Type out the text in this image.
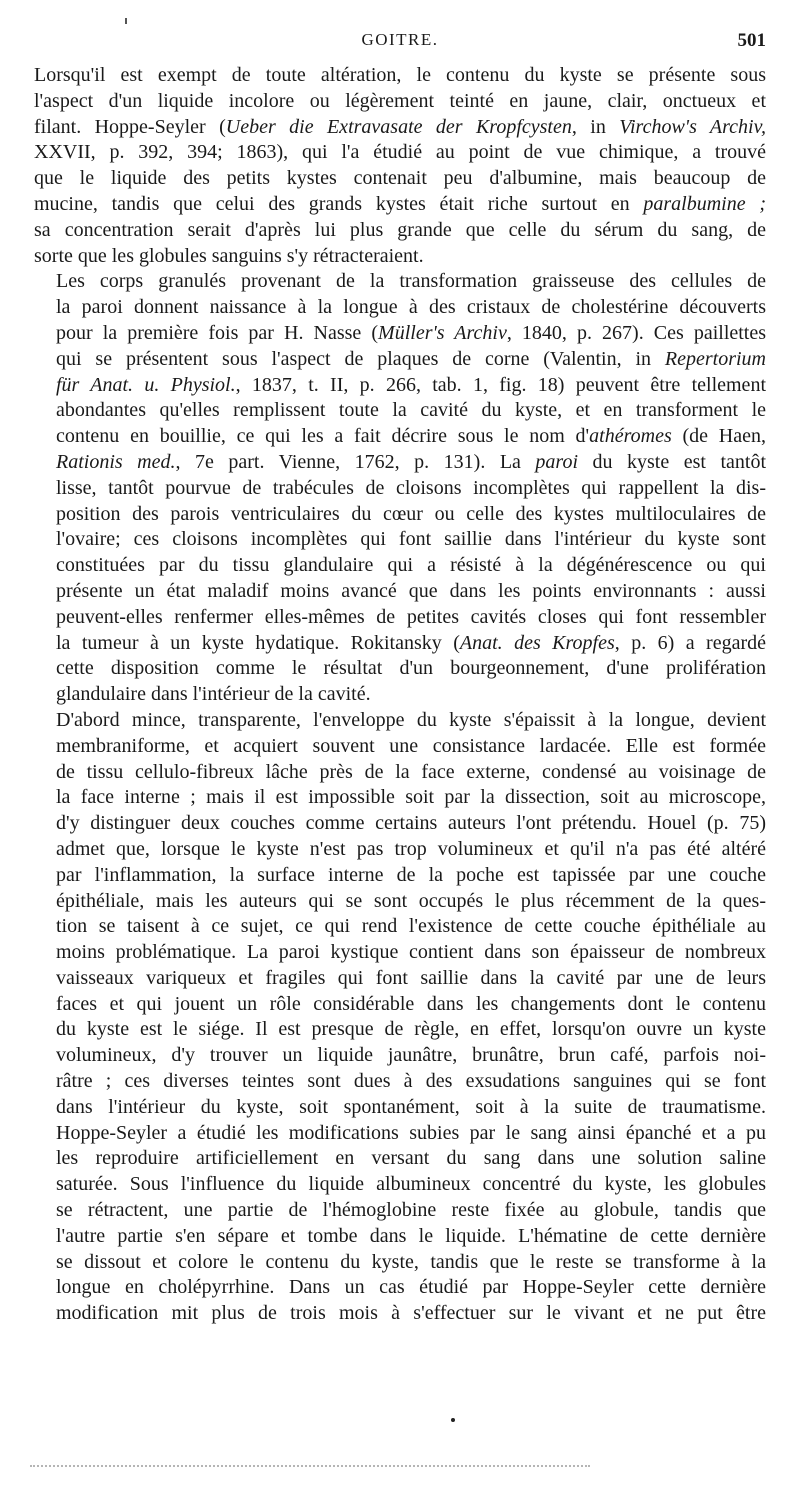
GOITRE.	501
Lorsqu'il est exempt de toute altération, le contenu du kyste se présente sous
l'aspect d'un liquide incolore ou légèrement teinté en jaune, clair, onctueux et
filant. Hoppe-Seyler (Ueber die Extravasate der Kropfcysten, in Virchow's Archiv,
XXVII, p. 392, 394; 1863), qui l'a étudié au point de vue chimique, a trouvé
que le liquide des petits kystes contenait peu d'albumine, mais beaucoup de
mucine, tandis que celui des grands kystes était riche surtout en paralbumine ;
sa concentration serait d'après lui plus grande que celle du sérum du sang, de
sorte que les globules sanguins s'y rétracteraient.
Les corps granulés provenant de la transformation graisseuse des cellules de
la paroi donnent naissance à la longue à des cristaux de cholestérine découverts
pour la première fois par H. Nasse (Müller's Archiv, 1840, p. 267). Ces paillettes
qui se présentent sous l'aspect de plaques de corne (Valentin, in Repertorium
für Anat. u. Physiol., 1837, t. II, p. 266, tab. 1, fig. 18) peuvent être tellement
abondantes qu'elles remplissent toute la cavité du kyste, et en transforment le
contenu en bouillie, ce qui les a fait décrire sous le nom d'athéromes (de Haen,
Rationis med., 7e part. Vienne, 1762, p. 131). La paroi du kyste est tantôt
lisse, tantôt pourvue de trabécules de cloisons incomplètes qui rappellent la dis-
position des parois ventriculaires du cœur ou celle des kystes multiloculaires de
l'ovaire; ces cloisons incomplètes qui font saillie dans l'intérieur du kyste sont
constituées par du tissu glandulaire qui a résisté à la dégénérescence ou qui
présente un état maladif moins avancé que dans les points environnants : aussi
peuvent-elles renfermer elles-mêmes de petites cavités closes qui font ressembler
la tumeur à un kyste hydatique. Rokitansky (Anat. des Kropfes, p. 6) a regardé
cette disposition comme le résultat d'un bourgeonnement, d'une prolifération
glandulaire dans l'intérieur de la cavité.
D'abord mince, transparente, l'enveloppe du kyste s'épaissit à la longue, devient
membraniforme, et acquiert souvent une consistance lardacée. Elle est formée
de tissu cellulo-fibreux lâche près de la face externe, condensé au voisinage de
la face interne ; mais il est impossible soit par la dissection, soit au microscope,
d'y distinguer deux couches comme certains auteurs l'ont prétendu. Houel (p. 75)
admet que, lorsque le kyste n'est pas trop volumineux et qu'il n'a pas été altéré
par l'inflammation, la surface interne de la poche est tapissée par une couche
épithéliale, mais les auteurs qui se sont occupés le plus récemment de la ques-
tion se taisent à ce sujet, ce qui rend l'existence de cette couche épithéliale au
moins problématique. La paroi kystique contient dans son épaisseur de nombreux
vaisseaux variqueux et fragiles qui font saillie dans la cavité par une de leurs
faces et qui jouent un rôle considérable dans les changements dont le contenu
du kyste est le siége. Il est presque de règle, en effet, lorsqu'on ouvre un kyste
volumineux, d'y trouver un liquide jaunâtre, brunâtre, brun café, parfois noi-
râtre ; ces diverses teintes sont dues à des exsudations sanguines qui se font
dans l'intérieur du kyste, soit spontanément, soit à la suite de traumatisme.
Hoppe-Seyler a étudié les modifications subies par le sang ainsi épanché et a pu
les reproduire artificiellement en versant du sang dans une solution saline
saturée. Sous l'influence du liquide albumineux concentré du kyste, les globules
se rétractent, une partie de l'hémoglobine reste fixée au globule, tandis que
l'autre partie s'en sépare et tombe dans le liquide. L'hématine de cette dernière
se dissout et colore le contenu du kyste, tandis que le reste se transforme à la
longue en cholépyrrhine. Dans un cas étudié par Hoppe-Seyler cette dernière
modification mit plus de trois mois à s'effectuer sur le vivant et ne put être
